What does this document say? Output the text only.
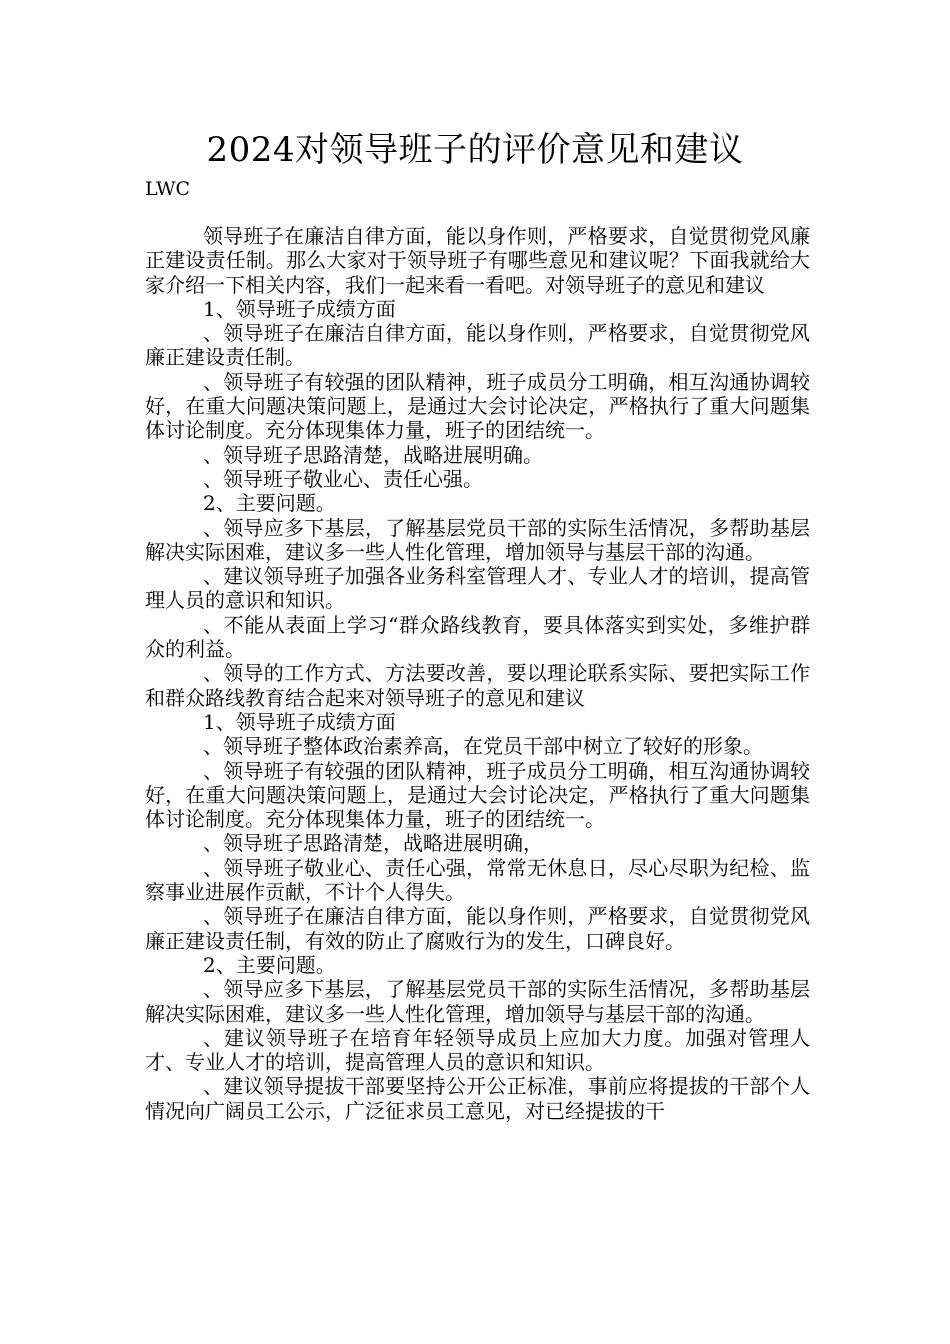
2024对领导班子的评价意见和建议
LWC

领导班子在廉洁自律方面，能以身作则，严格要求，自觉贯彻党风廉正建设责任制。那么大家对于领导班子有哪些意见和建议呢？下面我就给大家介绍一下相关内容，我们一起来看一看吧。对领导班子的意见和建议

1、领导班子成绩方面

、领导班子在廉洁自律方面，能以身作则，严格要求，自觉贯彻党风廉正建设责任制。

、领导班子有较强的团队精神，班子成员分工明确，相互沟通协调较好，在重大问题决策问题上，是通过大会讨论决定，严格执行了重大问题集体讨论制度。充分体现集体力量，班子的团结统一。

、领导班子思路清楚，战略进展明确。

、领导班子敬业心、责任心强。

2、主要问题。

、领导应多下基层，了解基层党员干部的实际生活情况，多帮助基层解决实际困难，建议多一些人性化管理，增加领导与基层干部的沟通。

、建议领导班子加强各业务科室管理人才、专业人才的培训，提高管理人员的意识和知识。

、不能从表面上学习“群众路线教育，要具体落实到实处，多维护群众的利益。

、领导的工作方式、方法要改善，要以理论联系实际、要把实际工作和群众路线教育结合起来对领导班子的意见和建议

1、领导班子成绩方面

、领导班子整体政治素养高，在党员干部中树立了较好的形象。

、领导班子有较强的团队精神，班子成员分工明确，相互沟通协调较好，在重大问题决策问题上，是通过大会讨论决定，严格执行了重大问题集体讨论制度。充分体现集体力量，班子的团结统一。

、领导班子思路清楚，战略进展明确，

、领导班子敬业心、责任心强，常常无休息日，尽心尽职为纪检、监察事业进展作贡献，不计个人得失。

、领导班子在廉洁自律方面，能以身作则，严格要求，自觉贯彻党风廉正建设责任制，有效的防止了腐败行为的发生，口碑良好。

2、主要问题。

、领导应多下基层，了解基层党员干部的实际生活情况，多帮助基层解决实际困难，建议多一些人性化管理，增加领导与基层干部的沟通。

、建议领导班子在培育年轻领导成员上应加大力度。加强对管理人才、专业人才的培训，提高管理人员的意识和知识。

、建议领导提拔干部要坚持公开公正标准，事前应将提拔的干部个人情况向广阔员工公示，广泛征求员工意见，对已经提拔的干
